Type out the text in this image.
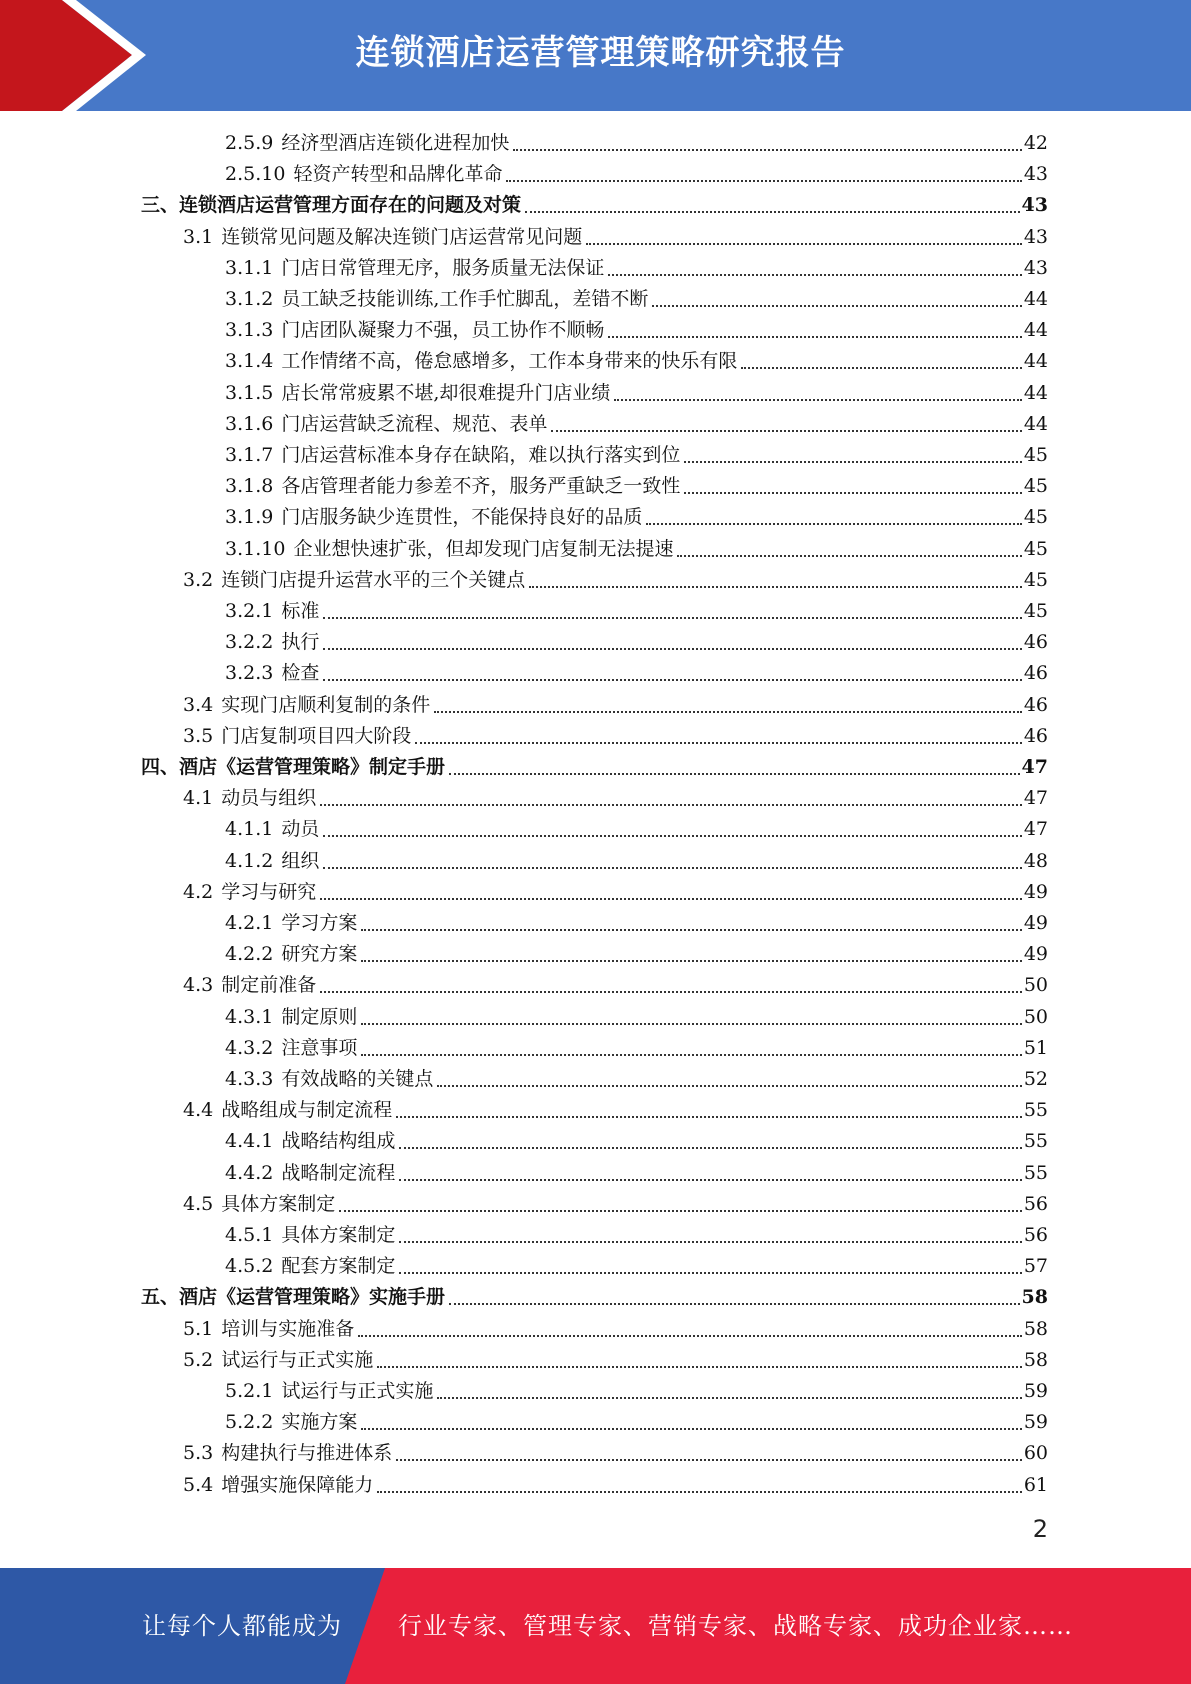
连锁酒店运营管理策略研究报告
2.5.9 经济型酒店连锁化进程加快	42
2.5.10 轻资产转型和品牌化革命	43
三、连锁酒店运营管理方面存在的问题及对策	43
3.1 连锁常见问题及解决连锁门店运营常见问题	43
3.1.1 门店日常管理无序，服务质量无法保证	43
3.1.2 员工缺乏技能训练,工作手忙脚乱，差错不断	44
3.1.3 门店团队凝聚力不强，员工协作不顺畅	44
3.1.4 工作情绪不高，倦怠感增多，工作本身带来的快乐有限	44
3.1.5 店长常常疲累不堪,却很难提升门店业绩	44
3.1.6 门店运营缺乏流程、规范、表单	44
3.1.7 门店运营标准本身存在缺陷，难以执行落实到位	45
3.1.8 各店管理者能力参差不齐，服务严重缺乏一致性	45
3.1.9 门店服务缺少连贯性，不能保持良好的品质	45
3.1.10 企业想快速扩张，但却发现门店复制无法提速	45
3.2 连锁门店提升运营水平的三个关键点	45
3.2.1 标准	45
3.2.2 执行	46
3.2.3 检查	46
3.4 实现门店顺利复制的条件	46
3.5 门店复制项目四大阶段	46
四、酒店《运营管理策略》制定手册	47
4.1 动员与组织	47
4.1.1 动员	47
4.1.2 组织	48
4.2 学习与研究	49
4.2.1 学习方案	49
4.2.2 研究方案	49
4.3 制定前准备	50
4.3.1 制定原则	50
4.3.2 注意事项	51
4.3.3 有效战略的关键点	52
4.4 战略组成与制定流程	55
4.4.1 战略结构组成	55
4.4.2 战略制定流程	55
4.5 具体方案制定	56
4.5.1 具体方案制定	56
4.5.2 配套方案制定	57
五、酒店《运营管理策略》实施手册	58
5.1 培训与实施准备	58
5.2 试运行与正式实施	58
5.2.1 试运行与正式实施	59
5.2.2 实施方案	59
5.3 构建执行与推进体系	60
5.4 增强实施保障能力	61
2
让每个人都能成为 行业专家、管理专家、营销专家、战略专家、成功企业家……
